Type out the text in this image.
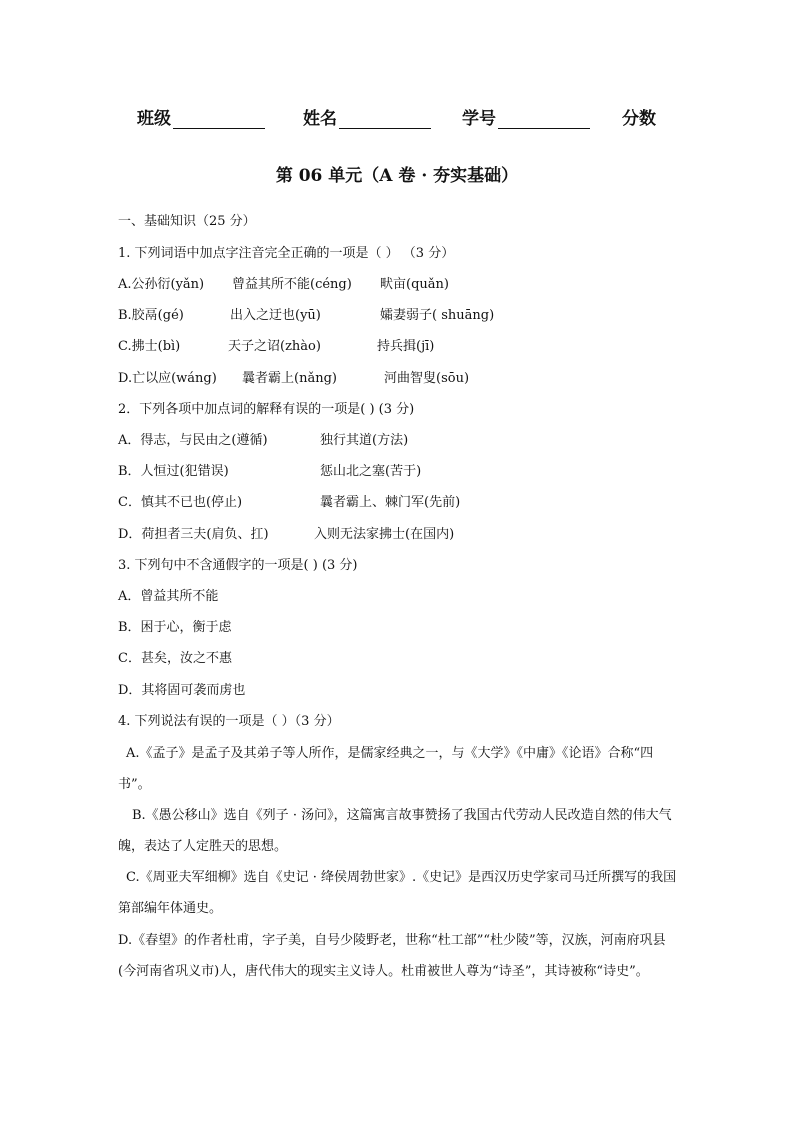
班级	姓名	学号	分数
第 06 单元（A 卷 · 夯实基础）
一、基础知识（25 分）
1. 下列词语中加点字注音完全正确的一项是（ ） （3 分）
A.公孙衍(yǎn) 曾益其所不能(céng) 畎亩(quǎn)
B.胶鬲(gé)	出入之迂也(yū)	孀妻弱子( shuāng)
C.拂士(bì)	天子之诏(zhào)	持兵揖(jī)
D.亡以应(wáng) 曩者霸上(nǎng)	河曲智叟(sōu)
2．下列各项中加点词的解释有误的一项是( ) (3 分)
A．得志，与民由之(遵循)	独行其道(方法)
B．人恒过(犯错误)	惩山北之塞(苦于)
C．慎其不已也(停止)	曩者霸上、棘门军(先前)
D．荷担者三夫(肩负、扛)	入则无法家拂士(在国内)
3. 下列句中不含通假字的一项是( ) (3 分)
A．曾益其所不能
B．困于心，衡于虑
C．甚矣，汝之不惠
D．其将固可袭而虏也
4. 下列说法有误的一项是（ ）（3 分）
A.《孟子》是孟子及其弟子等人所作，是儒家经典之一，与《大学》《中庸》《论语》合称“四书”。
B.《愚公移山》选自《列子 · 汤问》，这篇寓言故事赞扬了我国古代劳动人民改造自然的伟大气魄，表达了人定胜天的思想。
C.《周亚夫军细柳》选自《史记 · 绛侯周勃世家》.《史记》是西汉历史学家司马迁所撰写的我国第部编年体通史。
D.《春望》的作者杜甫，字子美，自号少陵野老，世称“杜工部”“杜少陵”等，汉族，河南府巩县(今河南省巩义市)人，唐代伟大的现实主义诗人。杜甫被世人尊为“诗圣”，其诗被称“诗史”。
